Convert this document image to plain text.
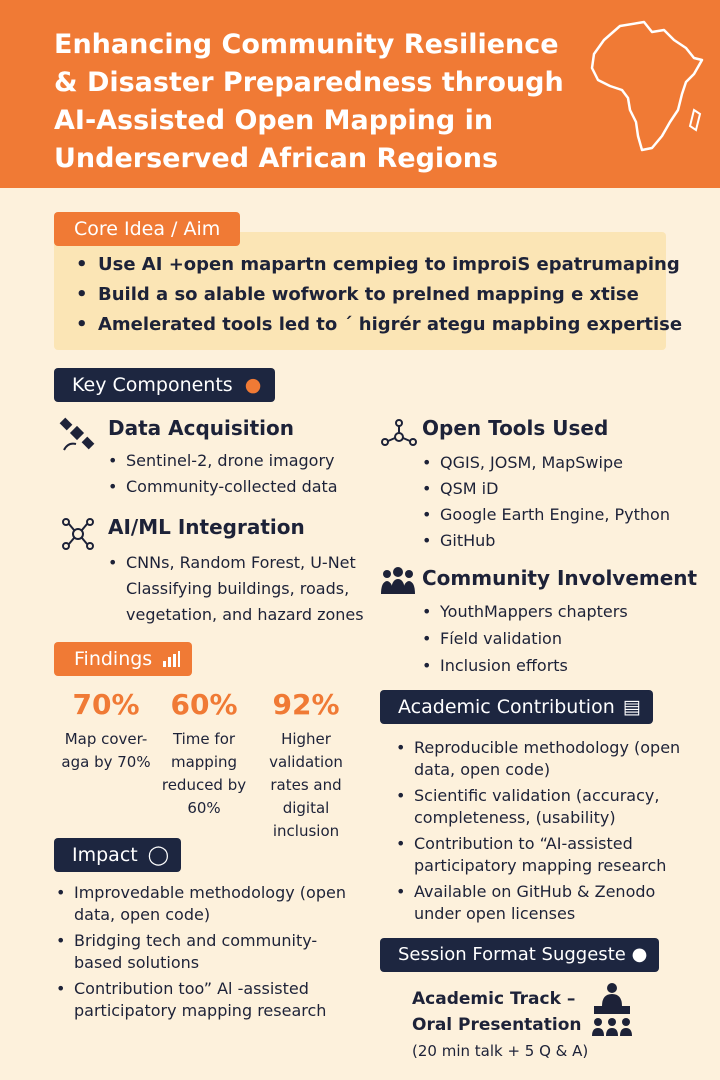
Enhancing Community Resilience
& Disaster Preparedness through
AI-Assisted Open Mapping in
Underserved African Regions
Core Idea / Aim
• Use AI +open mapartn cempieg to improiS epatrumaping
• Build a so alable wofwork to prelned mapping e xtise
• Amelerated tools led to ´ higrér ategu mapbing expertise
Key Components ●
Data Acquisition
• Sentinel-2, drone imagory
• Community-collected data
AI/ML Integration
• CNNs, Random Forest, U-Net Classifying buildings, roads, vegetation, and hazard zones
Open Tools Used
• QGIS, JOSM, MapSwipe
• QSM iD
• Google Earth Engine, Python
• GitHub
Community Involvement
• YouthMappers chapters
• Fíeld validation
• Inclusion efforts
Findings
70%
Map cover- aga by 70%
60%
Time for mapping reduced by 60%
92%
Higher validation rates and digital inclusion
Impact ◯
• Improvedable methodology (open data, open code)
• Bridging tech and community- based solutions
• Contribution too” Al -assisted participatory mapping research
Academic Contribution ▤
• Reproducible methodology (open data, open code)
• Scientific validation (accuracy, completeness, (usability)
• Contribution to “AI-assisted participatory mapping research
• Available on GitHub & Zenodo under open licenses
Session Format Suggeste ●
Academic Track –
Oral Presentation
(20 min talk + 5 Q & A)
